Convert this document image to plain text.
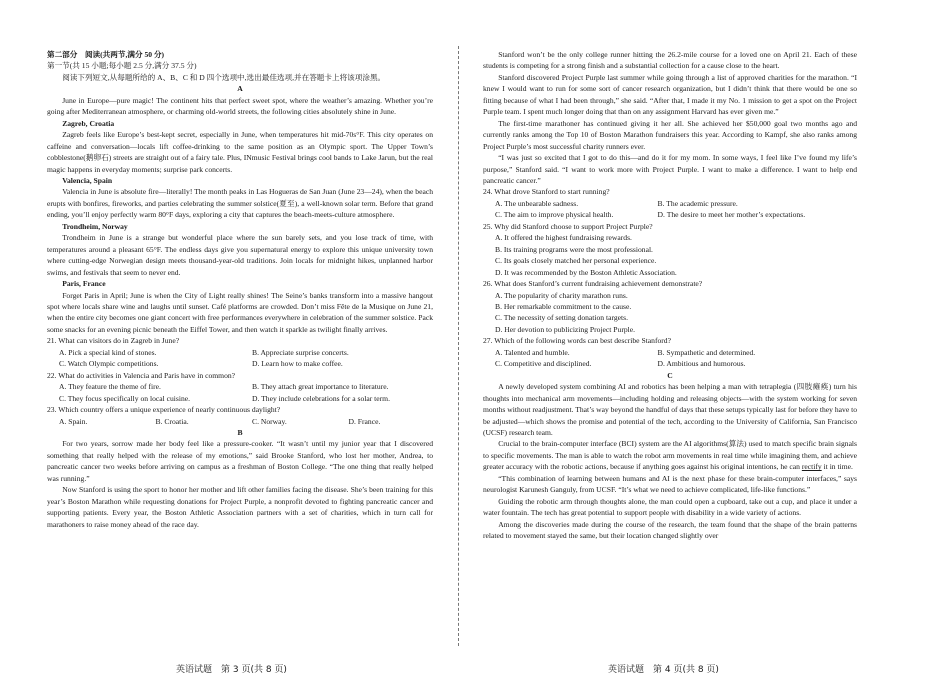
第二部分　阅读(共两节,满分 50 分)
第一节(共 15 小题;每小题 2.5 分,满分 37.5 分)
阅读下列短文,从每题所给的 A、B、C 和 D 四个选项中,选出最佳选项,并在答题卡上将该项涂黑。
A
June in Europe—pure magic! The continent hits that perfect sweet spot, where the weather’s amazing. Whether you’re going after Mediterranean atmosphere, or charming old-world streets, the following cities absolutely shine in June.
Zagreb, Croatia
Zagreb feels like Europe’s best-kept secret, especially in June, when temperatures hit mid-70s°F. This city operates on caffeine and conversation—locals lift coffee-drinking to the same position as an Olympic sport. The Upper Town’s cobblestone(鹅卵石) streets are straight out of a fairy tale. Plus, INmusic Festival brings cool bands to Lake Jarun, but the real magic happens in everyday moments; surprise park concerts.
Valencia, Spain
Valencia in June is absolute fire—literally! The month peaks in Las Hogueras de San Juan (June 23—24), when the beach erupts with bonfires, fireworks, and parties celebrating the summer solstice(夏至), a well-known solar term. Before that grand ending, you’ll enjoy perfectly warm 80°F days, exploring a city that captures the beach-meets-culture atmosphere.
Trondheim, Norway
Trondheim in June is a strange but wonderful place where the sun barely sets, and you lose track of time, with temperatures around a pleasant 65°F. The endless days give you supernatural energy to explore this unique university town where cutting-edge Norwegian design meets thousand-year-old traditions. Join locals for midnight hikes, unplanned harbor swims, and festivals that seem to never end.
Paris, France
Forget Paris in April; June is when the City of Light really shines! The Seine’s banks transform into a massive hangout spot where locals share wine and laughs until sunset. Café platforms are crowded. Don’t miss Fête de la Musique on June 21, when the entire city becomes one giant concert with free performances everywhere in celebration of the summer solstice. Pack some snacks for an evening picnic beneath the Eiffel Tower, and then watch it sparkle as twilight finally arrives.
21. What can visitors do in Zagreb in June?
A. Pick a special kind of stones.	B. Appreciate surprise concerts.
C. Watch Olympic competitions.	D. Learn how to make coffee.
22. What do activities in Valencia and Paris have in common?
A. They feature the theme of fire.	B. They attach great importance to literature.
C. They focus specifically on local cuisine.	D. They include celebrations for a solar term.
23. Which country offers a unique experience of nearly continuous daylight?
A. Spain.	B. Croatia.	C. Norway.	D. France.
B
For two years, sorrow made her body feel like a pressure-cooker. “It wasn’t until my junior year that I discovered something that really helped with the release of my emotions,” said Brooke Stanford, who lost her mother, Andrea, to pancreatic cancer two weeks before arriving on campus as a freshman of Boston College. “The one thing that really helped was running.”
Now Stanford is using the sport to honor her mother and lift other families facing the disease. She’s been training for this year’s Boston Marathon while requesting donations for Project Purple, a nonprofit devoted to fighting pancreatic cancer and supporting patients. Every year, the Boston Athletic Association partners with a set of charities, which in turn call for marathoners to raise money ahead of the race day.
Stanford won’t be the only college runner hitting the 26.2-mile course for a loved one on April 21. Each of these students is competing for a strong finish and a substantial collection for a cause close to the heart.
Stanford discovered Project Purple last summer while going through a list of approved charities for the marathon. “I knew I would want to run for some sort of cancer research organization, but I didn’t think that there would be one so fitting because of what I had been through,” she said. “After that, I made it my No. 1 mission to get a spot on the Project Purple team. I spent much longer doing that than on any assignment Harvard has ever given me.”
The first-time marathoner has continued giving it her all. She achieved her $50,000 goal two months ago and currently ranks among the Top 10 of Boston Marathon fundraisers this year. According to Kampf, she also ranks among Project Purple’s most successful charity runners ever.
“I was just so excited that I got to do this—and do it for my mom. In some ways, I feel like I’ve found my life’s purpose,” Stanford said. “I want to work more with Project Purple. I want to make a difference. I want to help end pancreatic cancer.”
24. What drove Stanford to start running?
A. The unbearable sadness.	B. The academic pressure.
C. The aim to improve physical health.	D. The desire to meet her mother’s expectations.
25. Why did Stanford choose to support Project Purple?
A. It offered the highest fundraising rewards.
B. Its training programs were the most professional.
C. Its goals closely matched her personal experience.
D. It was recommended by the Boston Athletic Association.
26. What does Stanford’s current fundraising achievement demonstrate?
A. The popularity of charity marathon runs.
B. Her remarkable commitment to the cause.
C. The necessity of setting donation targets.
D. Her devotion to publicizing Project Purple.
27. Which of the following words can best describe Stanford?
A. Talented and humble.	B. Sympathetic and determined.
C. Competitive and disciplined.	D. Ambitious and humorous.
C
A newly developed system combining AI and robotics has been helping a man with tetraplegia (四肢瘫痪) turn his thoughts into mechanical arm movements—including holding and releasing objects—with the system working for seven months without readjustment. That’s way beyond the handful of days that these setups typically last for before they have to be adjusted—which shows the promise and potential of the tech, according to the University of California, San Francisco (UCSF) research team.
Crucial to the brain-computer interface (BCI) system are the AI algorithms(算法) used to match specific brain signals to specific movements. The man is able to watch the robot arm movements in real time while imagining them, and achieve greater accuracy with the robotic actions, because if anything goes against his original intentions, he can rectify it in time.
“This combination of learning between humans and AI is the next phase for these brain-computer interfaces,” says neurologist Karunesh Ganguly, from UCSF. “It’s what we need to achieve complicated, life-like functions.”
Guiding the robotic arm through thoughts alone, the man could open a cupboard, take out a cup, and place it under a water fountain. The tech has great potential to support people with disability in a wide variety of actions.
Among the discoveries made during the course of the research, the team found that the shape of the brain patterns related to movement stayed the same, but their location changed slightly over
英语试题　第 3 页(共 8 页)	英语试题　第 4 页(共 8 页)
